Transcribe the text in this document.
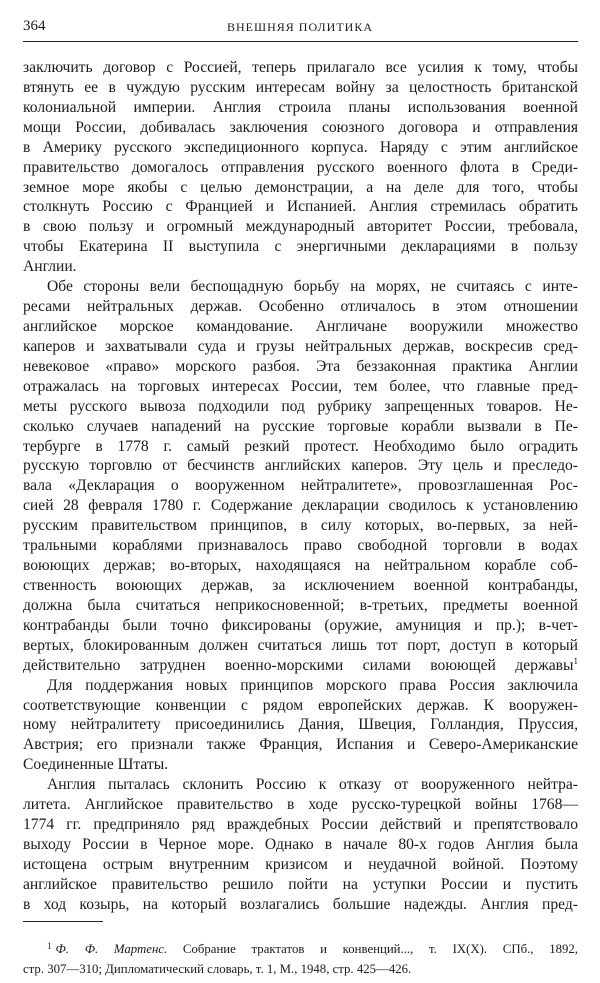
364	ВНЕШНЯЯ ПОЛИТИКА
заключить договор с Россией, теперь прилагало все усилия к тому, чтобы
втянуть ее в чуждую русским интересам войну за целостность британской
колониальной империи. Англия строила планы использования военной
мощи России, добивалась заключения союзного договора и отправления
в Америку русского экспедиционного корпуса. Наряду с этим английское
правительство домогалось отправления русского военного флота в Среди-
земное море якобы с целью демонстрации, а на деле для того, чтобы
столкнуть Россию с Францией и Испанией. Англия стремилась обратить
в свою пользу и огромный международный авторитет России, требовала,
чтобы Екатерина II выступила с энергичными декларациями в пользу
Англии.
Обе стороны вели беспощадную борьбу на морях, не считаясь с инте-
ресами нейтральных держав. Особенно отличалось в этом отношении
английское морское командование. Англичане вооружили множество
каперов и захватывали суда и грузы нейтральных держав, воскресив сред-
невековое «право» морского разбоя. Эта беззаконная практика Англии
отражалась на торговых интересах России, тем более, что главные пред-
меты русского вывоза подходили под рубрику запрещенных товаров. Не-
сколько случаев нападений на русские торговые корабли вызвали в Пе-
тербурге в 1778 г. самый резкий протест. Необходимо было оградить
русскую торговлю от бесчинств английских каперов. Эту цель и преследо-
вала «Декларация о вооруженном нейтралитете», провозглашенная Рос-
сией 28 февраля 1780 г. Содержание декларации сводилось к установлению
русским правительством принципов, в силу которых, во-первых, за ней-
тральными кораблями признавалось право свободной торговли в водах
воюющих держав; во-вторых, находящаяся на нейтральном корабле соб-
ственность воюющих держав, за исключением военной контрабанды,
должна была считаться неприкосновенной; в-третьих, предметы военной
контрабанды были точно фиксированы (оружие, амуниция и пр.); в-чет-
вертых, блокированным должен считаться лишь тот порт, доступ в который
действительно затруднен военно-морскими силами воюющей державы$^1$
Для поддержания новых принципов морского права Россия заключила
соответствующие конвенции с рядом европейских держав. К вооружен-
ному нейтралитету присоединились Дания, Швеция, Голландия, Пруссия,
Австрия; его признали также Франция, Испания и Северо-Американские
Соединенные Штаты.
Англия пыталась склонить Россию к отказу от вооруженного нейтра-
литета. Английское правительство в ходе русско-турецкой войны 1768—
1774 гг. предприняло ряд враждебных России действий и препятствовало
выходу России в Черное море. Однако в начале 80-х годов Англия была
истощена острым внутренним кризисом и неудачной войной. Поэтому
английское правительство решило пойти на уступки России и пустить
в ход козырь, на который возлагались большие надежды. Англия пред-
$^1$ Ф. Ф. Мартенс. Собрание трактатов и конвенций..., т. IX(X). СПб., 1892,
стр. 307—310; Дипломатический словарь, т. 1, М., 1948, стр. 425—426.
